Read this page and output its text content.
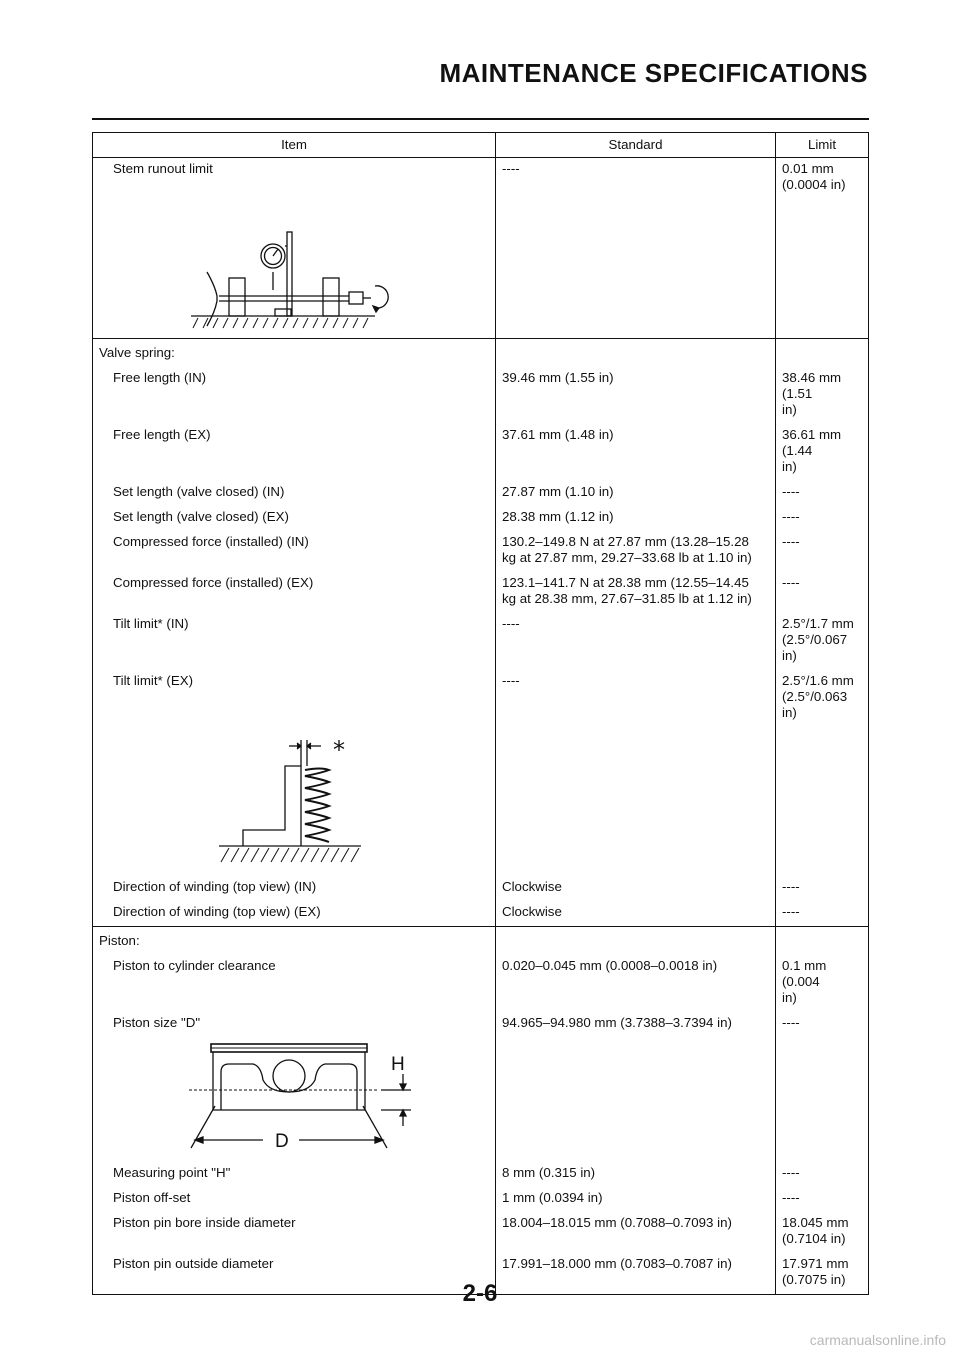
MAINTENANCE SPECIFICATIONS
Item	Standard	Limit
Stem runout limit	----	0.01 mm
(0.0004 in)

Valve spring:		
Free length (IN)	39.46 mm (1.55 in)	38.46 mm (1.51
in)
Free length (EX)	37.61 mm (1.48 in)	36.61 mm (1.44
in)
Set length (valve closed) (IN)	27.87 mm (1.10 in)	----
Set length (valve closed) (EX)	28.38 mm (1.12 in)	----
Compressed force (installed) (IN)	130.2–149.8 N at 27.87 mm (13.28–15.28
kg at 27.87 mm, 29.27–33.68 lb at 1.10 in)	----
Compressed force (installed) (EX)	123.1–141.7 N at 28.38 mm (12.55–14.45
kg at 28.38 mm, 27.67–31.85 lb at 1.12 in)	----
Tilt limit* (IN)	----	2.5°/1.7 mm
(2.5°/0.067 in)
Tilt limit* (EX)	----	2.5°/1.6 mm
(2.5°/0.063 in)

*		

Direction of winding (top view) (IN)	Clockwise	----
Direction of winding (top view) (EX)	Clockwise	----
Piston:		
Piston to cylinder clearance	0.020–0.045 mm (0.0008–0.0018 in)	0.1 mm (0.004
in)
Piston size "D"	94.965–94.980 mm (3.7388–3.7394 in)	----

H
D		

Measuring point "H"	8 mm (0.315 in)	----
Piston off-set	1 mm (0.0394 in)	----
Piston pin bore inside diameter	18.004–18.015 mm (0.7088–0.7093 in)	18.045 mm
(0.7104 in)
Piston pin outside diameter	17.991–18.000 mm (0.7083–0.7087 in)	17.971 mm
(0.7075 in)
2-6
carmanualsonline.info
